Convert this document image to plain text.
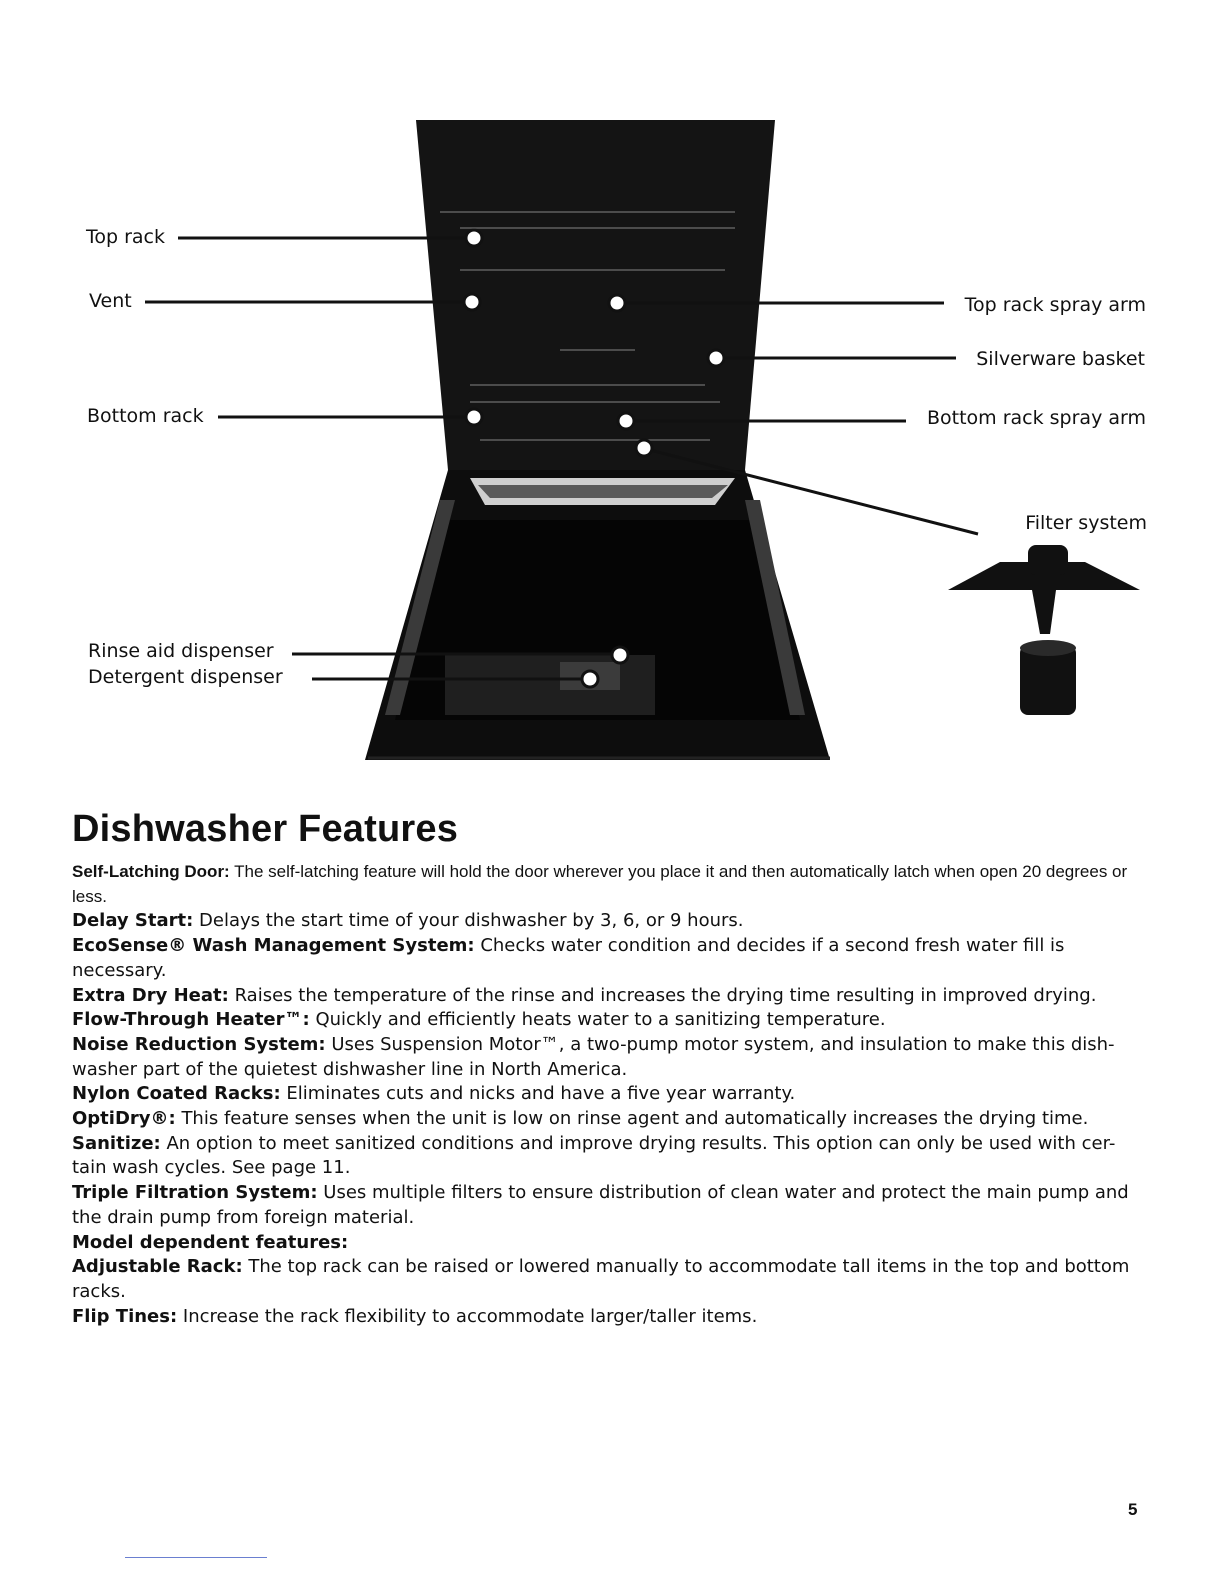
Top rack
Vent
Bottom rack
Rinse aid dispenser
Detergent dispenser
Top rack spray arm
Silverware basket
Bottom rack spray arm
Filter system
Dishwasher Features

Self-Latching Door: The self-latching feature will hold the door wherever you place it and then automatically latch when open 20 degrees or less.

Delay Start: Delays the start time of your dishwasher by 3, 6, or 9 hours.

EcoSense® Wash Management System: Checks water condition and decides if a second fresh water fill is necessary.

Extra Dry Heat: Raises the temperature of the rinse and increases the drying time resulting in improved drying.

Flow-Through Heater™: Quickly and efficiently heats water to a sanitizing temperature.

Noise Reduction System: Uses Suspension Motor™, a two-pump motor system, and insulation to make this dish-washer part of the quietest dishwasher line in North America.

Nylon Coated Racks: Eliminates cuts and nicks and have a five year warranty.

OptiDry®: This feature senses when the unit is low on rinse agent and automatically increases the drying time.

Sanitize: An option to meet sanitized conditions and improve drying results. This option can only be used with cer-tain wash cycles. See page 11.

Triple Filtration System: Uses multiple filters to ensure distribution of clean water and protect the main pump and the drain pump from foreign material.

Model dependent features:

Adjustable Rack: The top rack can be raised or lowered manually to accommodate tall items in the top and bottom racks.

Flip Tines: Increase the rack flexibility to accommodate larger/taller items.

5
